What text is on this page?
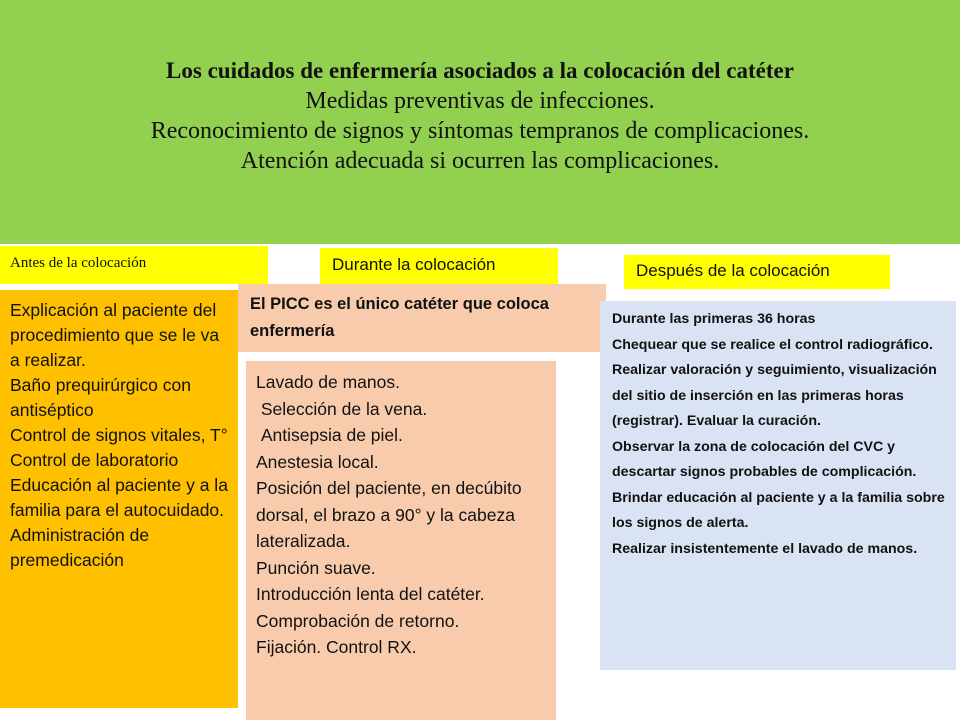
Los cuidados de enfermería asociados a la colocación del catéter
Medidas preventivas de infecciones.
Reconocimiento de signos y síntomas tempranos de complicaciones.
Atención adecuada si ocurren las complicaciones.
Antes de la colocación	Durante la colocación	Después de la colocación
Explicación al paciente del procedimiento que se le va a realizar.
Baño prequirúrgico con antiséptico
Control de signos vitales, T°
Control de laboratorio
Educación al paciente y a la familia para el autocuidado.
Administración de premedicación
El PICC es el único catéter que coloca enfermería
Lavado de manos.
Selección de la vena.
Antisepsia de piel.
Anestesia local.
Posición del paciente, en decúbito dorsal, el brazo a 90° y la cabeza lateralizada.
Punción suave.
Introducción lenta del catéter. Comprobación de retorno.
Fijación. Control RX.
Durante las primeras 36 horas
Chequear que se realice el control radiográfico.
Realizar valoración y seguimiento, visualización del sitio de inserción en las primeras horas (registrar). Evaluar la curación.
Observar la zona de colocación del CVC y descartar signos probables de complicación.
Brindar educación al paciente y a la familia sobre los signos de alerta.
Realizar insistentemente el lavado de manos.
